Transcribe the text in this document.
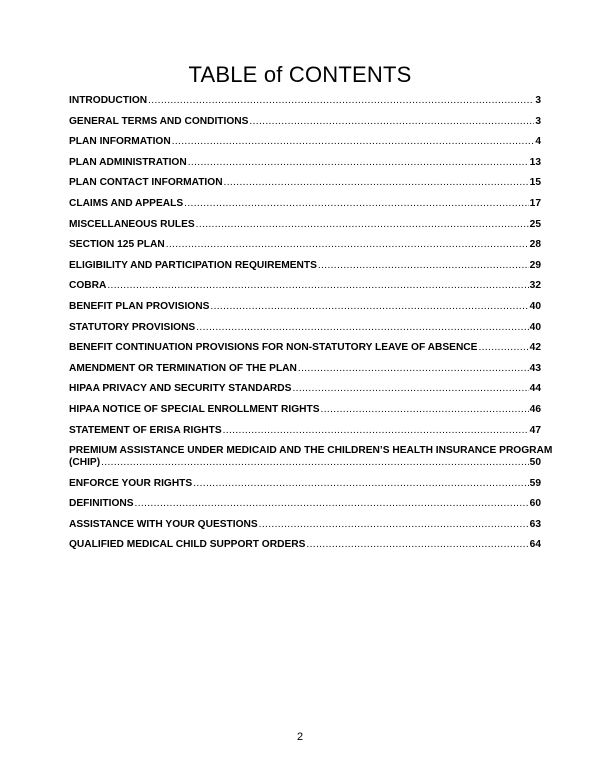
TABLE of CONTENTS
INTRODUCTION .....	3
GENERAL TERMS AND CONDITIONS .....	3
PLAN INFORMATION .....	4
PLAN ADMINISTRATION .....	13
PLAN CONTACT INFORMATION .....	15
CLAIMS AND APPEALS .....	17
MISCELLANEOUS RULES .....	25
SECTION 125 PLAN .....	28
ELIGIBILITY AND PARTICIPATION REQUIREMENTS .....	29
COBRA .....	32
BENEFIT PLAN PROVISIONS .....	40
STATUTORY PROVISIONS .....	40
BENEFIT CONTINUATION PROVISIONS FOR NON-STATUTORY LEAVE OF ABSENCE .....	42
AMENDMENT OR TERMINATION OF THE PLAN .....	43
HIPAA PRIVACY AND SECURITY STANDARDS .....	44
HIPAA NOTICE OF SPECIAL ENROLLMENT RIGHTS .....	46
STATEMENT OF ERISA RIGHTS .....	47
PREMIUM ASSISTANCE UNDER MEDICAID AND THE CHILDREN’S HEALTH INSURANCE PROGRAM
(CHIP) .....	50
ENFORCE YOUR RIGHTS .....	59
DEFINITIONS .....	60
ASSISTANCE WITH YOUR QUESTIONS .....	63
QUALIFIED MEDICAL CHILD SUPPORT ORDERS .....	64
2
